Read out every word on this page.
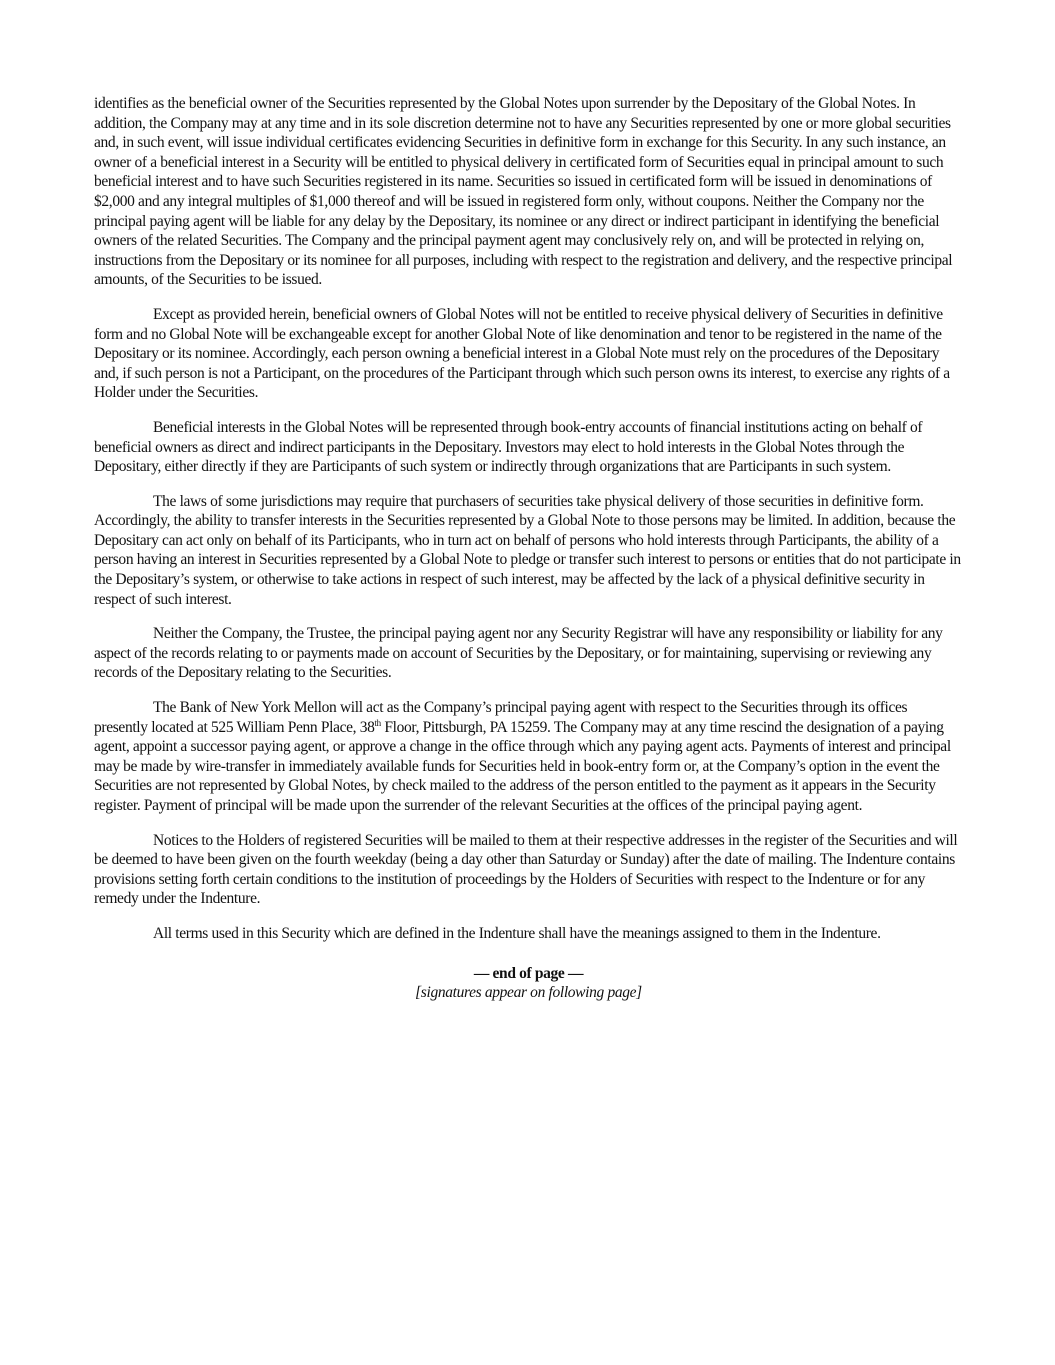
identifies as the beneficial owner of the Securities represented by the Global Notes upon surrender by the Depositary of the Global Notes. In addition, the Company may at any time and in its sole discretion determine not to have any Securities represented by one or more global securities and, in such event, will issue individual certificates evidencing Securities in definitive form in exchange for this Security. In any such instance, an owner of a beneficial interest in a Security will be entitled to physical delivery in certificated form of Securities equal in principal amount to such beneficial interest and to have such Securities registered in its name. Securities so issued in certificated form will be issued in denominations of $2,000 and any integral multiples of $1,000 thereof and will be issued in registered form only, without coupons. Neither the Company nor the principal paying agent will be liable for any delay by the Depositary, its nominee or any direct or indirect participant in identifying the beneficial owners of the related Securities. The Company and the principal payment agent may conclusively rely on, and will be protected in relying on, instructions from the Depositary or its nominee for all purposes, including with respect to the registration and delivery, and the respective principal amounts, of the Securities to be issued.

Except as provided herein, beneficial owners of Global Notes will not be entitled to receive physical delivery of Securities in definitive form and no Global Note will be exchangeable except for another Global Note of like denomination and tenor to be registered in the name of the Depositary or its nominee. Accordingly, each person owning a beneficial interest in a Global Note must rely on the procedures of the Depositary and, if such person is not a Participant, on the procedures of the Participant through which such person owns its interest, to exercise any rights of a Holder under the Securities.

Beneficial interests in the Global Notes will be represented through book-entry accounts of financial institutions acting on behalf of beneficial owners as direct and indirect participants in the Depositary. Investors may elect to hold interests in the Global Notes through the Depositary, either directly if they are Participants of such system or indirectly through organizations that are Participants in such system.

The laws of some jurisdictions may require that purchasers of securities take physical delivery of those securities in definitive form. Accordingly, the ability to transfer interests in the Securities represented by a Global Note to those persons may be limited. In addition, because the Depositary can act only on behalf of its Participants, who in turn act on behalf of persons who hold interests through Participants, the ability of a person having an interest in Securities represented by a Global Note to pledge or transfer such interest to persons or entities that do not participate in the Depositary’s system, or otherwise to take actions in respect of such interest, may be affected by the lack of a physical definitive security in respect of such interest.

Neither the Company, the Trustee, the principal paying agent nor any Security Registrar will have any responsibility or liability for any aspect of the records relating to or payments made on account of Securities by the Depositary, or for maintaining, supervising or reviewing any records of the Depositary relating to the Securities.

The Bank of New York Mellon will act as the Company’s principal paying agent with respect to the Securities through its offices presently located at 525 William Penn Place, 38th Floor, Pittsburgh, PA 15259. The Company may at any time rescind the designation of a paying agent, appoint a successor paying agent, or approve a change in the office through which any paying agent acts. Payments of interest and principal may be made by wire-transfer in immediately available funds for Securities held in book-entry form or, at the Company’s option in the event the Securities are not represented by Global Notes, by check mailed to the address of the person entitled to the payment as it appears in the Security register. Payment of principal will be made upon the surrender of the relevant Securities at the offices of the principal paying agent.

Notices to the Holders of registered Securities will be mailed to them at their respective addresses in the register of the Securities and will be deemed to have been given on the fourth weekday (being a day other than Saturday or Sunday) after the date of mailing. The Indenture contains provisions setting forth certain conditions to the institution of proceedings by the Holders of Securities with respect to the Indenture or for any remedy under the Indenture.

All terms used in this Security which are defined in the Indenture shall have the meanings assigned to them in the Indenture.

— end of page —
[signatures appear on following page]
